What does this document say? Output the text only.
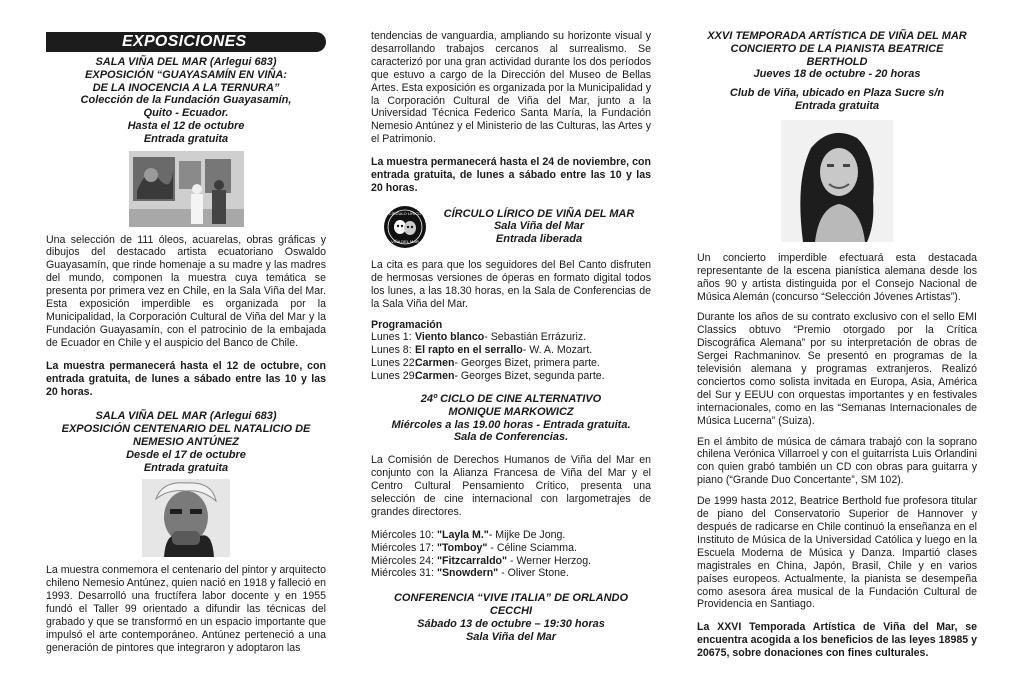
EXPOSICIONES
SALA VIÑA DEL MAR (Arlegui 683)
EXPOSICIÓN “GUAYASAMÍN EN VIÑA:
DE LA INOCENCIA A LA TERNURA”
Colección de la Fundación Guayasamín,
Quito - Ecuador.
Hasta el 12 de octubre
Entrada gratuita

Una selección de 111 óleos, acuarelas, obras gráficas y dibujos del destacado artista ecuatoriano Oswaldo Guayasamín, que rinde homenaje a su madre y las madres del mundo, componen la muestra cuya temática se presenta por primera vez en Chile, en la Sala Viña del Mar. Esta exposición imperdible es organizada por la Municipalidad, la Corporación Cultural de Viña del Mar y la Fundación Guayasamín, con el patrocinio de la embajada de Ecuador en Chile y el auspicio del Banco de Chile.

La muestra permanecerá hasta el 12 de octubre, con entrada gratuita, de lunes a sábado entre las 10 y las 20 horas.

SALA VIÑA DEL MAR (Arlegui 683)
EXPOSICIÓN CENTENARIO DEL NATALICIO DE
NEMESIO ANTÚNEZ
Desde el 17 de octubre
Entrada gratuita

La muestra conmemora el centenario del pintor y arquitecto chileno Nemesio Antúnez, quien nació en 1918 y falleció en 1993. Desarrolló una fructífera labor docente y en 1955 fundó el Taller 99 orientado a difundir las técnicas del grabado y que se transformó en un espacio importante que impulsó el arte contemporáneo. Antúnez perteneció a una generación de pintores que integraron y adoptaron las

tendencias de vanguardia, ampliando su horizonte visual y desarrollando trabajos cercanos al surrealismo. Se caracterizó por una gran actividad durante los dos períodos que estuvo a cargo de la Dirección del Museo de Bellas Artes. Esta exposición es organizada por la Municipalidad y la Corporación Cultural de Viña del Mar, junto a la Universidad Técnica Federico Santa María, la Fundación Nemesio Antúnez y el Ministerio de las Culturas, las Artes y el Patrimonio.

La muestra permanecerá hasta el 24 de noviembre, con entrada gratuita, de lunes a sábado entre las 10 y las 20 horas.

CÍRCULO LÍRICO
VIÑA DEL MAR
CÍRCULO LÍRICO DE VIÑA DEL MAR
Sala Viña del Mar
Entrada liberada

La cita es para que los seguidores del Bel Canto disfruten de hermosas versiones de óperas en formato digital todos los lunes, a las 18.30 horas, en la Sala de Conferencias de la Sala Viña del Mar.

Programación

Lunes 1: Viento blanco - Sebastián Errázuriz.
Lunes 8: El rapto en el serrallo - W. A. Mozart.
Lunes 22:
Carmen - Georges Bizet, primera parte.
Lunes 29:
Carmen - Georges Bizet, segunda parte.
24º CICLO DE CINE ALTERNATIVO
MONIQUE MARKOWICZ
Miércoles a las 19.00 horas - Entrada gratuita.
Sala de Conferencias.

La Comisión de Derechos Humanos de Viña del Mar en conjunto con la Alianza Francesa de Viña del Mar y el Centro Cultural Pensamiento Crítico, presenta una selección de cine internacional con largometrajes de grandes directores.

Miércoles 10: "Layla M."- Mijke De Jong.
Miércoles 17: "Tomboy" - Céline Sciamma.
Miércoles 24: "Fitzcarraldo" - Werner Herzog.
Miércoles 31: "Snowdern" - Oliver Stone.
CONFERENCIA “VIVE ITALIA” DE ORLANDO
CECCHI
Sábado 13 de octubre – 19:30 horas
Sala Viña del Mar
XXVI TEMPORADA ARTÍSTICA DE VIÑA DEL MAR
CONCIERTO DE LA PIANISTA BEATRICE
BERTHOLD
Jueves 18 de octubre - 20 horas
Club de Viña, ubicado en Plaza Sucre s/n
Entrada gratuita

Un concierto imperdible efectuará esta destacada representante de la escena pianística alemana desde los años 90 y artista distinguida por el Consejo Nacional de Música Alemán (concurso “Selección Jóvenes Artistas”).

Durante los años de su contrato exclusivo con el sello EMI Classics obtuvo “Premio otorgado por la Crítica Discográfica Alemana” por su interpretación de obras de Sergei Rachmaninov. Se presentó en programas de la televisión alemana y programas extranjeros. Realizó conciertos como solista invitada en Europa, Asia, América del Sur y EEUU con orquestas importantes y en festivales internacionales, como en las “Semanas Internacionales de Música Lucerna” (Suiza).

En el ámbito de música de cámara trabajó con la soprano chilena Verónica Villarroel y con el guitarrista Luis Orlandini con quien grabó también un CD con obras para guitarra y piano (“Grande Duo Concertante”, SM 102).

De 1999 hasta 2012, Beatrice Berthold fue profesora titular de piano del Conservatorio Superior de Hannover y después de radicarse en Chile continuó la enseñanza en el Instituto de Música de la Universidad Católica y luego en la Escuela Moderna de Música y Danza. Impartió clases magistrales en China, Japón, Brasil, Chile y en varios países europeos. Actualmente, la pianista se desempeña como asesora área musical de la Fundación Cultural de Providencia en Santiago.

La XXVI Temporada Artística de Viña del Mar, se encuentra acogida a los beneficios de las leyes 18985 y 20675, sobre donaciones con fines culturales.
